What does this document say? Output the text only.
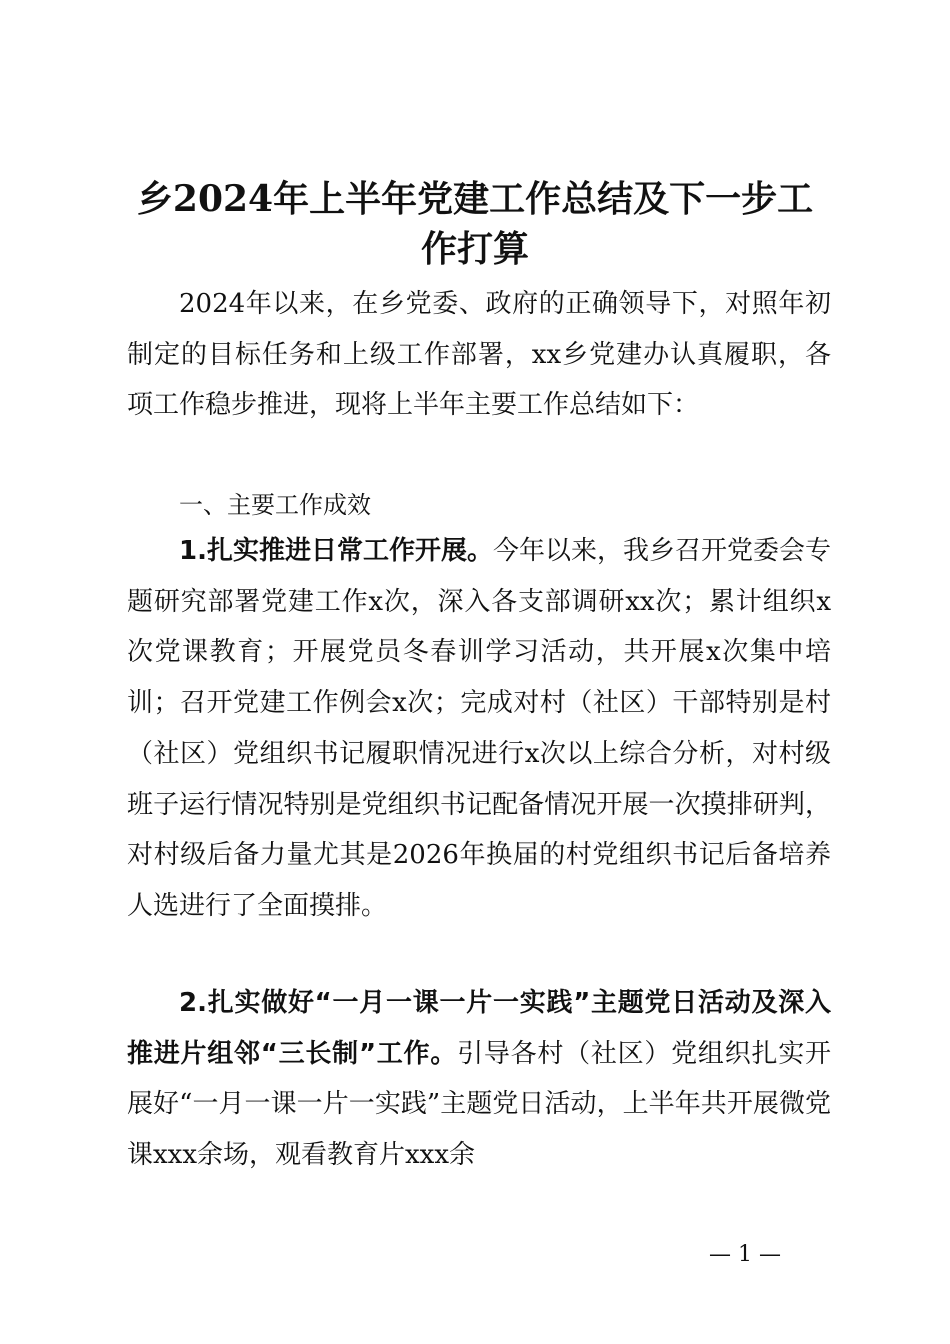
乡2024年上半年党建工作总结及下一步工作打算

2024年以来，在乡党委、政府的正确领导下，对照年初制定的目标任务和上级工作部署，xx乡党建办认真履职，各项工作稳步推进，现将上半年主要工作总结如下：

一、主要工作成效

1.扎实推进日常工作开展。今年以来，我乡召开党委会专题研究部署党建工作x次，深入各支部调研xx次；累计组织x次党课教育；开展党员冬春训学习活动，共开展x次集中培训；召开党建工作例会x次；完成对村（社区）干部特别是村（社区）党组织书记履职情况进行x次以上综合分析，对村级班子运行情况特别是党组织书记配备情况开展一次摸排研判，对村级后备力量尤其是2026年换届的村党组织书记后备培养人选进行了全面摸排。

2.扎实做好“一月一课一片一实践”主题党日活动及深入推进片组邻“三长制”工作。引导各村（社区）党组织扎实开展好“一月一课一片一实践”主题党日活动，上半年共开展微党课xxx余场，观看教育片xxx余

— 1 —
